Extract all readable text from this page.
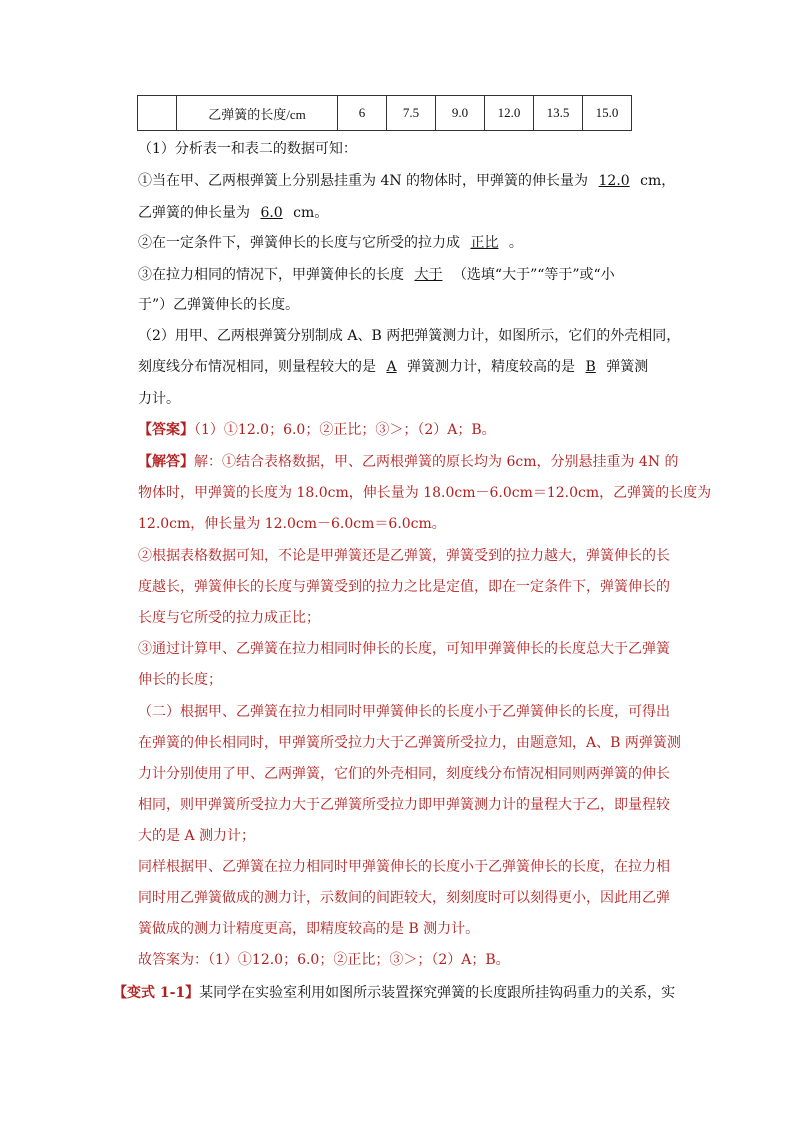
	乙弹簧的长度/cm	6	7.5	9.0	12.0	13.5	15.0
（1）分析表一和表二的数据可知：
①当在甲、乙两根弹簧上分别悬挂重为 4N 的物体时，甲弹簧的伸长量为 12.0 cm，
乙弹簧的伸长量为 6.0 cm。
②在一定条件下，弹簧伸长的长度与它所受的拉力成 正比 。
③在拉力相同的情况下，甲弹簧伸长的长度 大于 （选填“大于”“等于”或“小
于”）乙弹簧伸长的长度。
（2）用甲、乙两根弹簧分别制成 A、B 两把弹簧测力计，如图所示，它们的外壳相同，
刻度线分布情况相同，则量程较大的是 A 弹簧测力计，精度较高的是 B 弹簧测
力计。
【答案】（1）①12.0；6.0；②正比；③＞；（2）A；B。
【解答】解：①结合表格数据，甲、乙两根弹簧的原长均为 6cm，分别悬挂重为 4N 的
物体时，甲弹簧的长度为 18.0cm，伸长量为 18.0cm－6.0cm＝12.0cm，乙弹簧的长度为
12.0cm，伸长量为 12.0cm－6.0cm＝6.0cm。
②根据表格数据可知，不论是甲弹簧还是乙弹簧，弹簧受到的拉力越大，弹簧伸长的长
度越长，弹簧伸长的长度与弹簧受到的拉力之比是定值，即在一定条件下，弹簧伸长的
长度与它所受的拉力成正比；
③通过计算甲、乙弹簧在拉力相同时伸长的长度，可知甲弹簧伸长的长度总大于乙弹簧
伸长的长度；
（二）根据甲、乙弹簧在拉力相同时甲弹簧伸长的长度小于乙弹簧伸长的长度，可得出
在弹簧的伸长相同时，甲弹簧所受拉力大于乙弹簧所受拉力，由题意知，A、B 两弹簧测
力计分别使用了甲、乙两弹簧，它们的外壳相同，刻度线分布情况相同则两弹簧的伸长
相同，则甲弹簧所受拉力大于乙弹簧所受拉力即甲弹簧测力计的量程大于乙，即量程较
大的是 A 测力计；
同样根据甲、乙弹簧在拉力相同时甲弹簧伸长的长度小于乙弹簧伸长的长度，在拉力相
同时用乙弹簧做成的测力计，示数间的间距较大，刻刻度时可以刻得更小，因此用乙弹
簧做成的测力计精度更高，即精度较高的是 B 测力计。
故答案为：（1）①12.0；6.0；②正比；③＞；（2）A；B。
【变式 1-1】某同学在实验室利用如图所示装置探究弹簧的长度跟所挂钩码重力的关系，实
